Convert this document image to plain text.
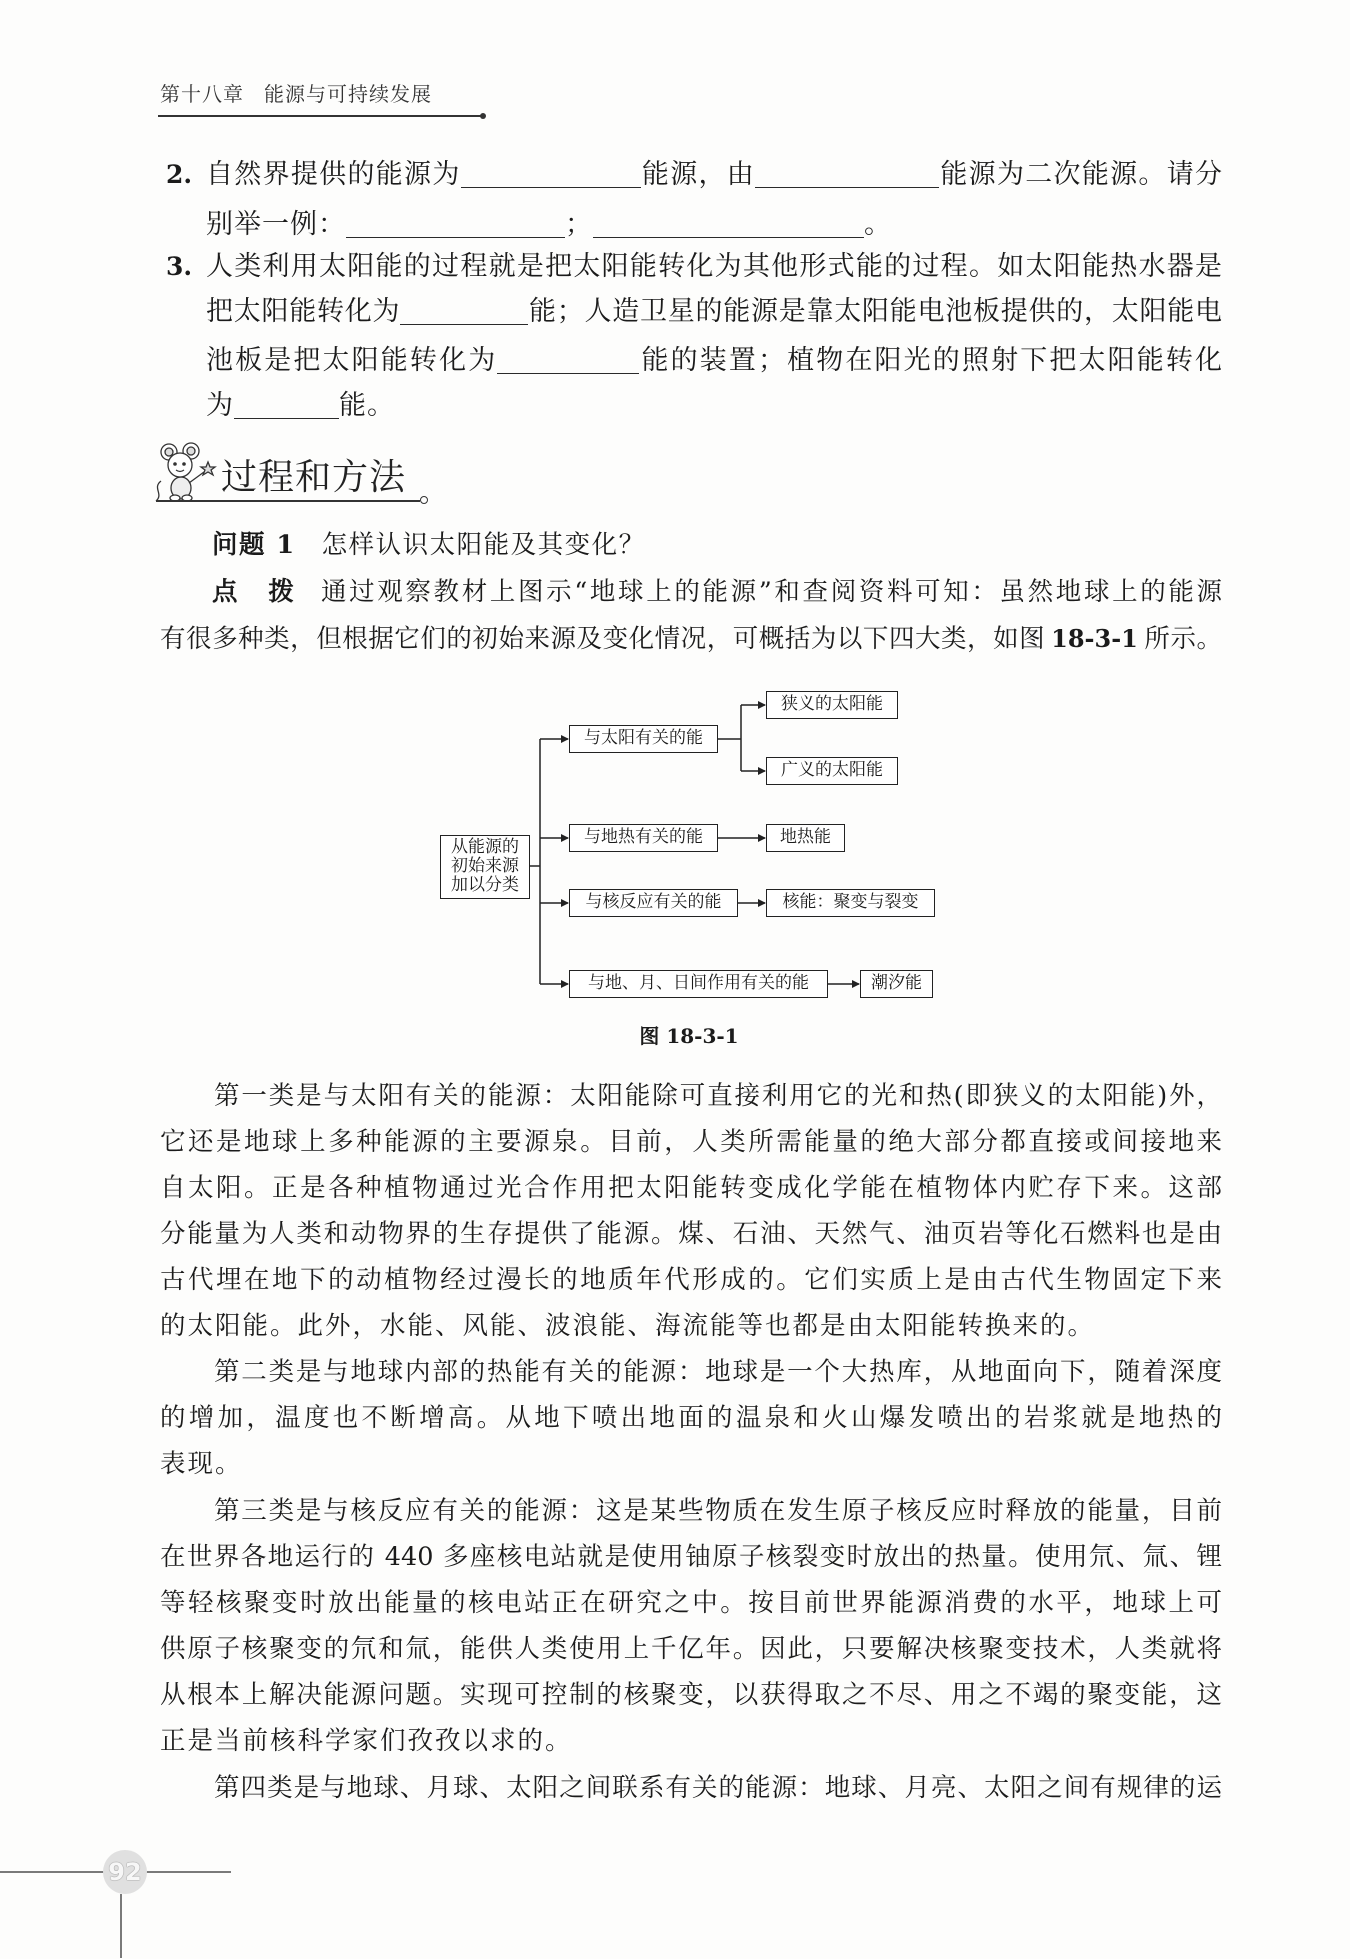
第十八章 能源与可持续发展
2. 自然界提供的能源为	能源，由	能源为二次能源。请分
别举一例：	；	。
3. 人类利用太阳能的过程就是把太阳能转化为其他形式能的过程。如太阳能热水器是
把太阳能转化为	能；人造卫星的能源是靠太阳能电池板提供的，太阳能电
池板是把太阳能转化为	能的装置；植物在阳光的照射下把太阳能转化
为	能。
过程和方法
问题 1 怎样认识太阳能及其变化？
点 拨	通过观察教材上图示“地球上的能源”和查阅资料可知：虽然地球上的能源
有很多种类，但根据它们的初始来源及变化情况，可概括为以下四大类，如图 18-3-1 所示。
从能源的
初始来源
加以分类
与太阳有关的能
与地热有关的能
与核反应有关的能
与地、月、日间作用有关的能
狭义的太阳能
广义的太阳能
地热能
核能：聚变与裂变
潮汐能
图 18-3-1
第一类是与太阳有关的能源：太阳能除可直接利用它的光和热(即狭义的太阳能)外，
它还是地球上多种能源的主要源泉。目前，人类所需能量的绝大部分都直接或间接地来
自太阳。正是各种植物通过光合作用把太阳能转变成化学能在植物体内贮存下来。这部
分能量为人类和动物界的生存提供了能源。煤、石油、天然气、油页岩等化石燃料也是由
古代埋在地下的动植物经过漫长的地质年代形成的。它们实质上是由古代生物固定下来
的太阳能。此外，水能、风能、波浪能、海流能等也都是由太阳能转换来的。
第二类是与地球内部的热能有关的能源：地球是一个大热库，从地面向下，随着深度
的增加，温度也不断增高。从地下喷出地面的温泉和火山爆发喷出的岩浆就是地热的
表现。
第三类是与核反应有关的能源：这是某些物质在发生原子核反应时释放的能量，目前
在世界各地运行的 440 多座核电站就是使用铀原子核裂变时放出的热量。使用氘、氚、锂
等轻核聚变时放出能量的核电站正在研究之中。按目前世界能源消费的水平，地球上可
供原子核聚变的氘和氚，能供人类使用上千亿年。因此，只要解决核聚变技术，人类就将
从根本上解决能源问题。实现可控制的核聚变，以获得取之不尽、用之不竭的聚变能，这
正是当前核科学家们孜孜以求的。
第四类是与地球、月球、太阳之间联系有关的能源：地球、月亮、太阳之间有规律的运
92
